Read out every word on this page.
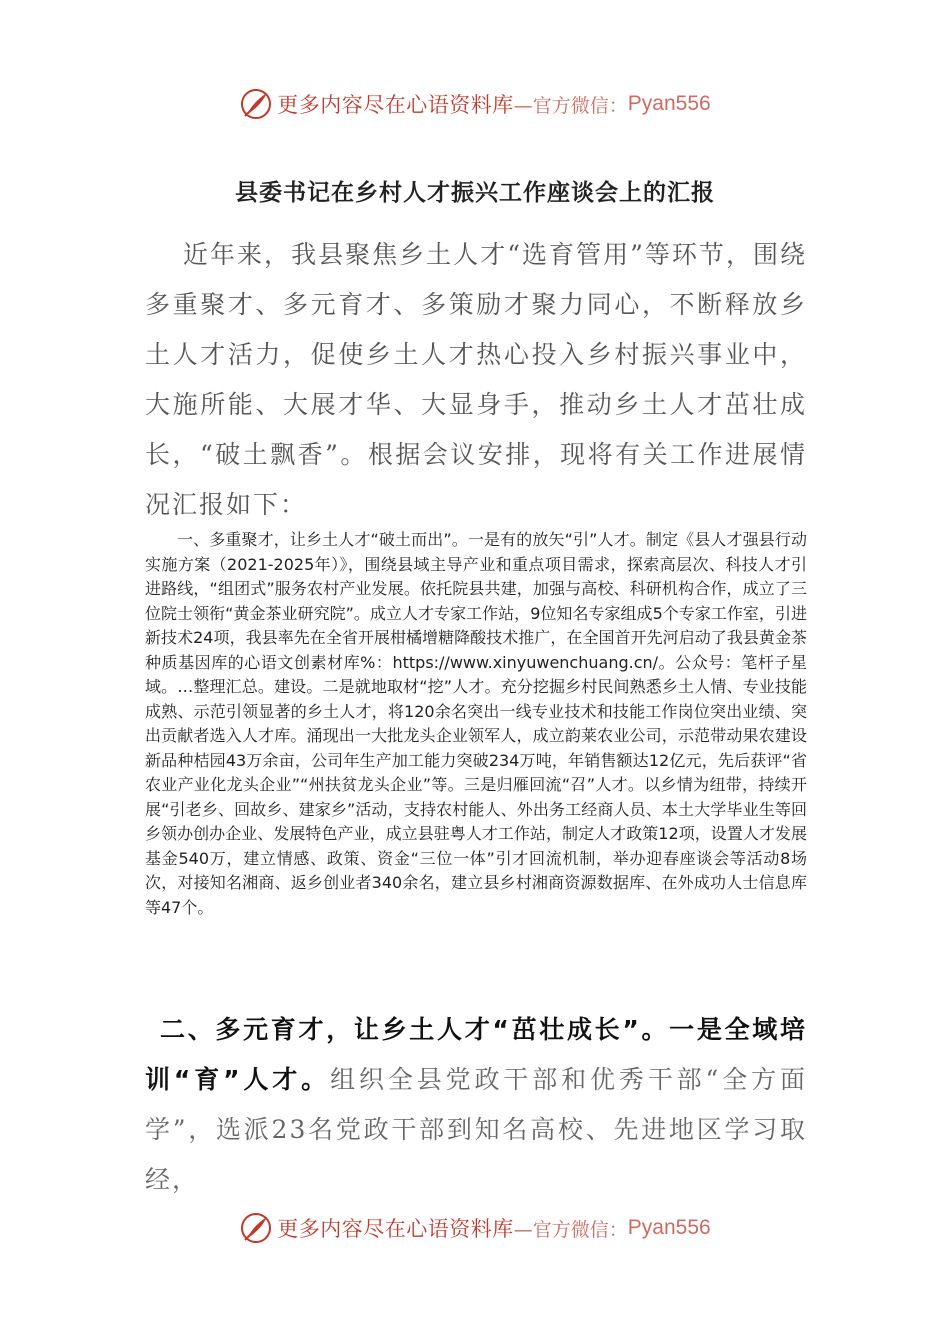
更多内容尽在心语资料库 —官方微信： Pyan556
县委书记在乡村人才振兴工作座谈会上的汇报

近年来，我县聚焦乡土人才“选育管用”等环节，围绕多重聚才、多元育才、多策励才聚力同心，不断释放乡土人才活力，促使乡土人才热心投入乡村振兴事业中，大施所能、大展才华、大显身手，推动乡土人才茁壮成长，“破土飘香”。根据会议安排，现将有关工作进展情况汇报如下：

一、多重聚才，让乡土人才“破土而出”。一是有的放矢“引”人才。制定《县人才强县行动实施方案（2021-2025年）》，围绕县域主导产业和重点项目需求，探索高层次、科技人才引进路线，“组团式”服务农村产业发展。依托院县共建，加强与高校、科研机构合作，成立了三位院士领衔“黄金茶业研究院”。成立人才专家工作站，9位知名专家组成5个专家工作室，引进新技术24项，我县率先在全省开展柑橘增糖降酸技术推广，在全国首开先河启动了我县黄金茶种质基因库的心语文创素材库%：https://www.xinyuwenchuang.cn/。公众号：笔杆子星域。…整理汇总。建设。二是就地取材“挖”人才。充分挖掘乡村民间熟悉乡土人情、专业技能成熟、示范引领显著的乡土人才，将120余名突出一线专业技术和技能工作岗位突出业绩、突出贡献者选入人才库。涌现出一大批龙头企业领军人，成立韵莱农业公司，示范带动果农建设新品种桔园43万余亩，公司年生产加工能力突破234万吨，年销售额达12亿元，先后获评“省农业产业化龙头企业”“州扶贫龙头企业”等。三是归雁回流“召”人才。以乡情为纽带，持续开展“引老乡、回故乡、建家乡”活动，支持农村能人、外出务工经商人员、本土大学毕业生等回乡领办创办企业、发展特色产业，成立县驻粤人才工作站，制定人才政策12项，设置人才发展基金540万，建立情感、政策、资金“三位一体”引才回流机制，举办迎春座谈会等活动8场次，对接知名湘商、返乡创业者340余名，建立县乡村湘商资源数据库、在外成功人士信息库等47个。

二、多元育才，让乡土人才“茁壮成长”。一是全域培训“育”人才。组织全县党政干部和优秀干部“全方面学”，选派23名党政干部到知名高校、先进地区学习取经，

更多内容尽在心语资料库 —官方微信： Pyan556
